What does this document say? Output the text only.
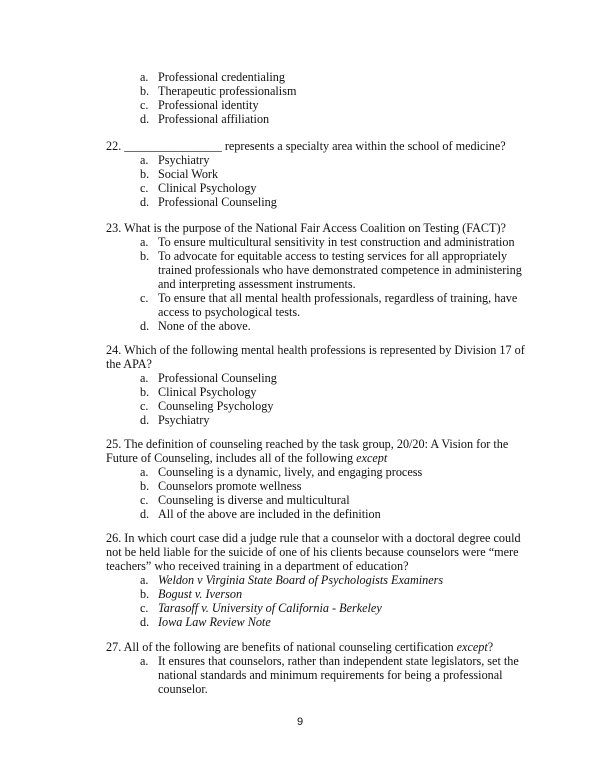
a. Professional credentialing
b. Therapeutic professionalism
c. Professional identity
d. Professional affiliation
22. ________________ represents a specialty area within the school of medicine?
a. Psychiatry
b. Social Work
c. Clinical Psychology
d. Professional Counseling
23. What is the purpose of the National Fair Access Coalition on Testing (FACT)?
a. To ensure multicultural sensitivity in test construction and administration
b. To advocate for equitable access to testing services for all appropriately trained professionals who have demonstrated competence in administering and interpreting assessment instruments.
c. To ensure that all mental health professionals, regardless of training, have access to psychological tests.
d. None of the above.
24. Which of the following mental health professions is represented by Division 17 of the APA?
a. Professional Counseling
b. Clinical Psychology
c. Counseling Psychology
d. Psychiatry
25. The definition of counseling reached by the task group, 20/20: A Vision for the Future of Counseling, includes all of the following except
a. Counseling is a dynamic, lively, and engaging process
b. Counselors promote wellness
c. Counseling is diverse and multicultural
d. All of the above are included in the definition
26. In which court case did a judge rule that a counselor with a doctoral degree could not be held liable for the suicide of one of his clients because counselors were “mere teachers” who received training in a department of education?
a. Weldon v Virginia State Board of Psychologists Examiners
b. Bogust v. Iverson
c. Tarasoff v. University of California - Berkeley
d. Iowa Law Review Note
27. All of the following are benefits of national counseling certification except?
a. It ensures that counselors, rather than independent state legislators, set the national standards and minimum requirements for being a professional counselor.
9
